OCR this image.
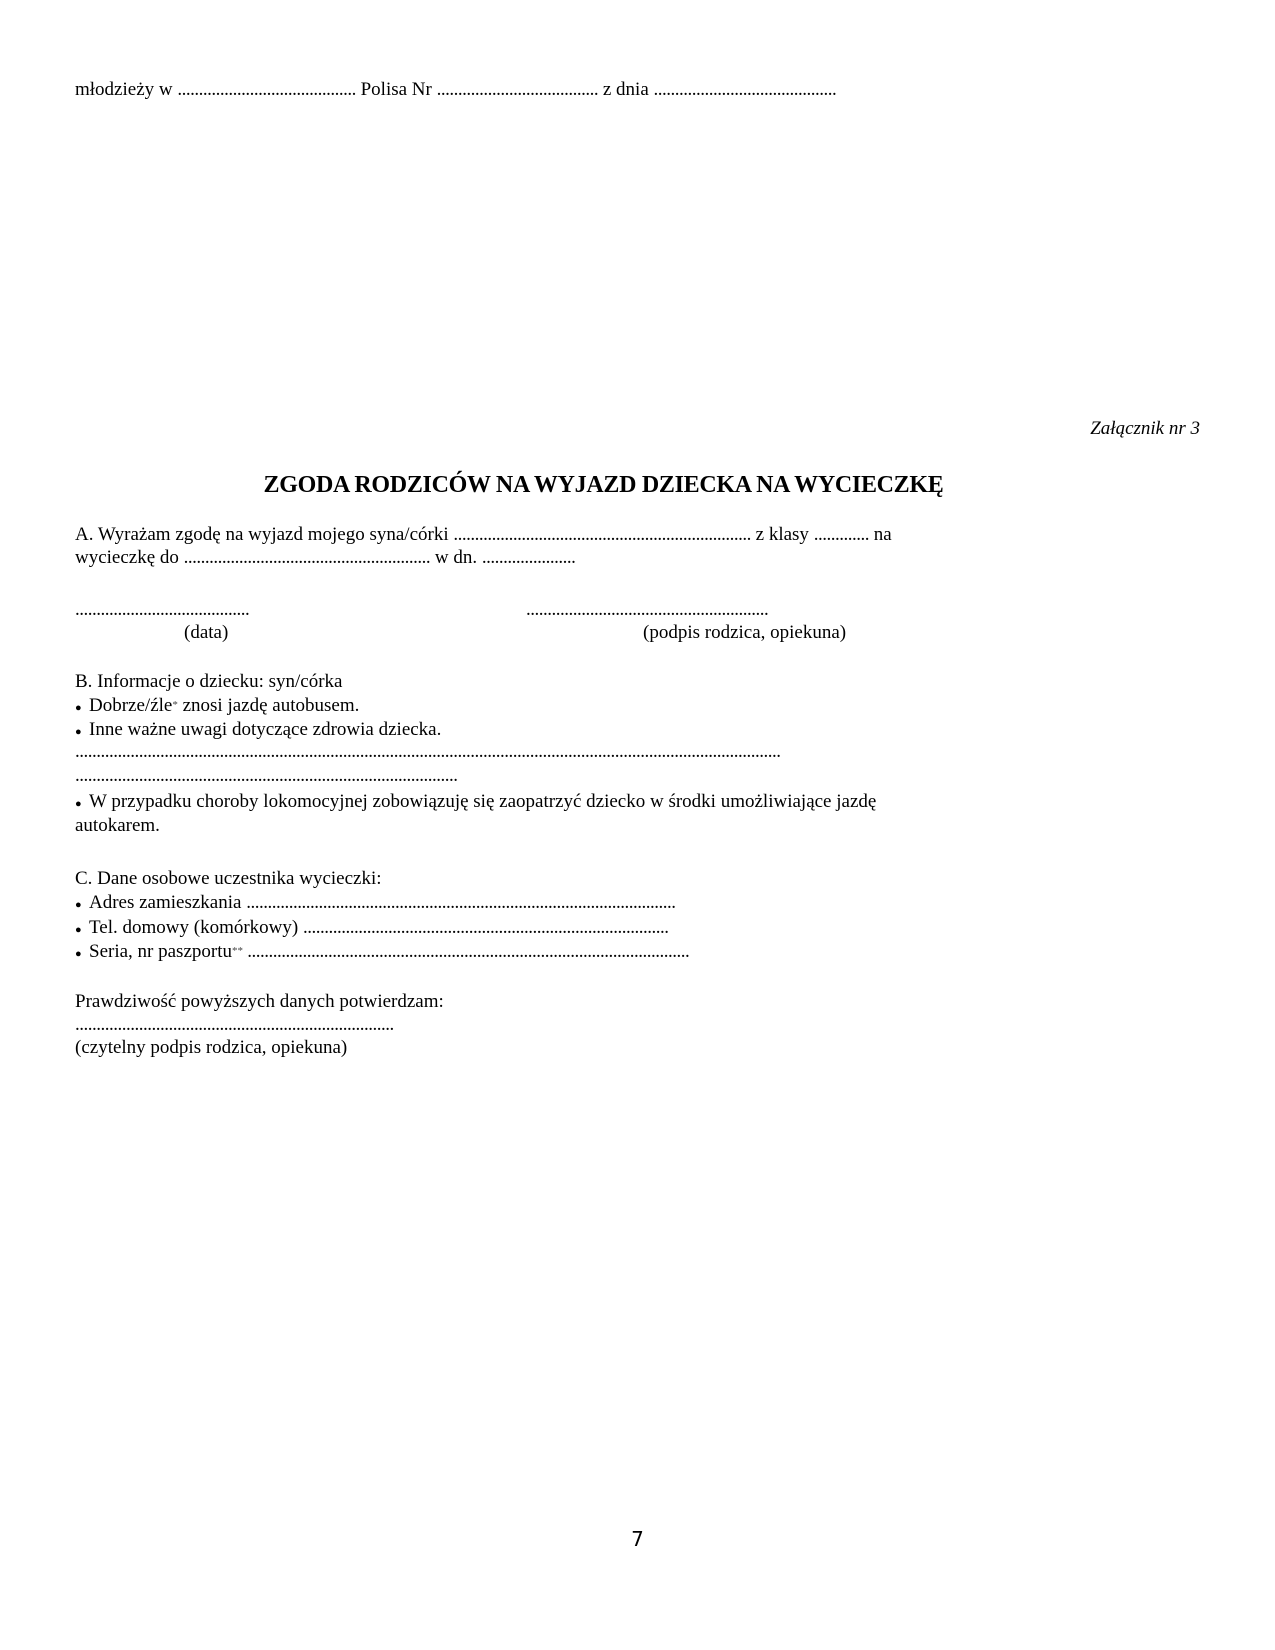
młodzieży w .......................................... Polisa Nr ...................................... z dnia ...........................................
Załącznik nr 3
ZGODA RODZICÓW NA WYJAZD DZIECKA NA WYCIECZKĘ
A. Wyrażam zgodę na wyjazd mojego syna/córki ...................................................................... z klasy ............. na
wycieczkę do .......................................................... w dn. ......................
.........................................	.........................................................
(data)	(podpis rodzica, opiekuna)
B. Informacje o dziecku: syn/córka
● Dobrze/źle* znosi jazdę autobusem.
● Inne ważne uwagi dotyczące zdrowia dziecka.
......................................................................................................................................................................
..........................................................................................
● W przypadku choroby lokomocyjnej zobowiązuję się zaopatrzyć dziecko w środki umożliwiające jazdę
autokarem.
C. Dane osobowe uczestnika wycieczki:
● Adres zamieszkania .....................................................................................................
● Tel. domowy (komórkowy) ......................................................................................
● Seria, nr paszportu** ........................................................................................................
Prawdziwość powyższych danych potwierdzam:
...........................................................................
(czytelny podpis rodzica, opiekuna)
7
